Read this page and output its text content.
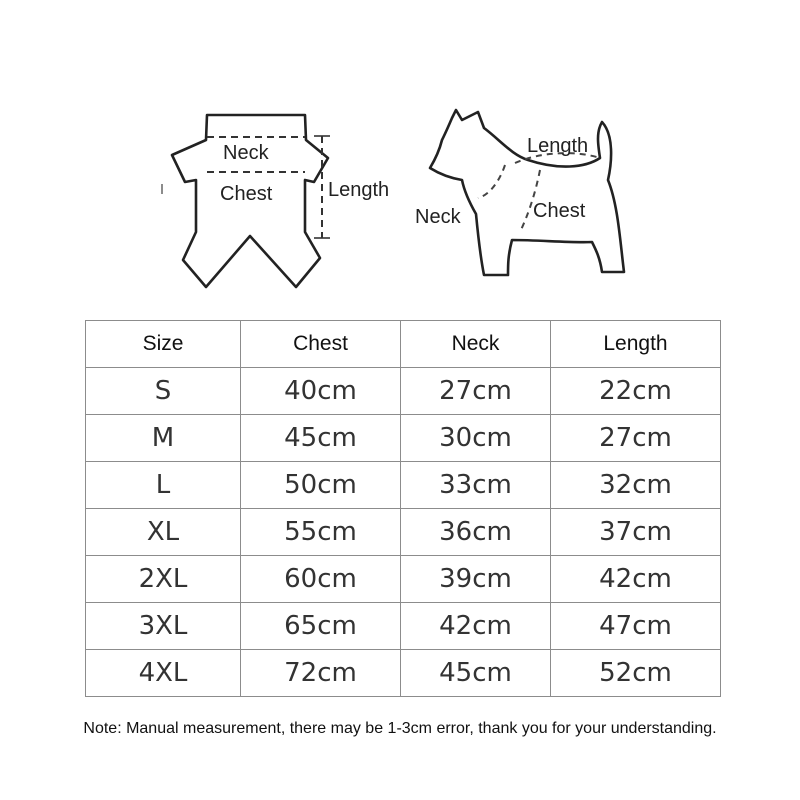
Neck
Chest	Length
Length
Neck	Chest
Size	Chest	Neck	Length
S	40cm	27cm	22cm
M	45cm	30cm	27cm
L	50cm	33cm	32cm
XL	55cm	36cm	37cm
2XL	60cm	39cm	42cm
3XL	65cm	42cm	47cm
4XL	72cm	45cm	52cm
Note: Manual measurement, there may be 1-3cm error, thank you for your understanding.
